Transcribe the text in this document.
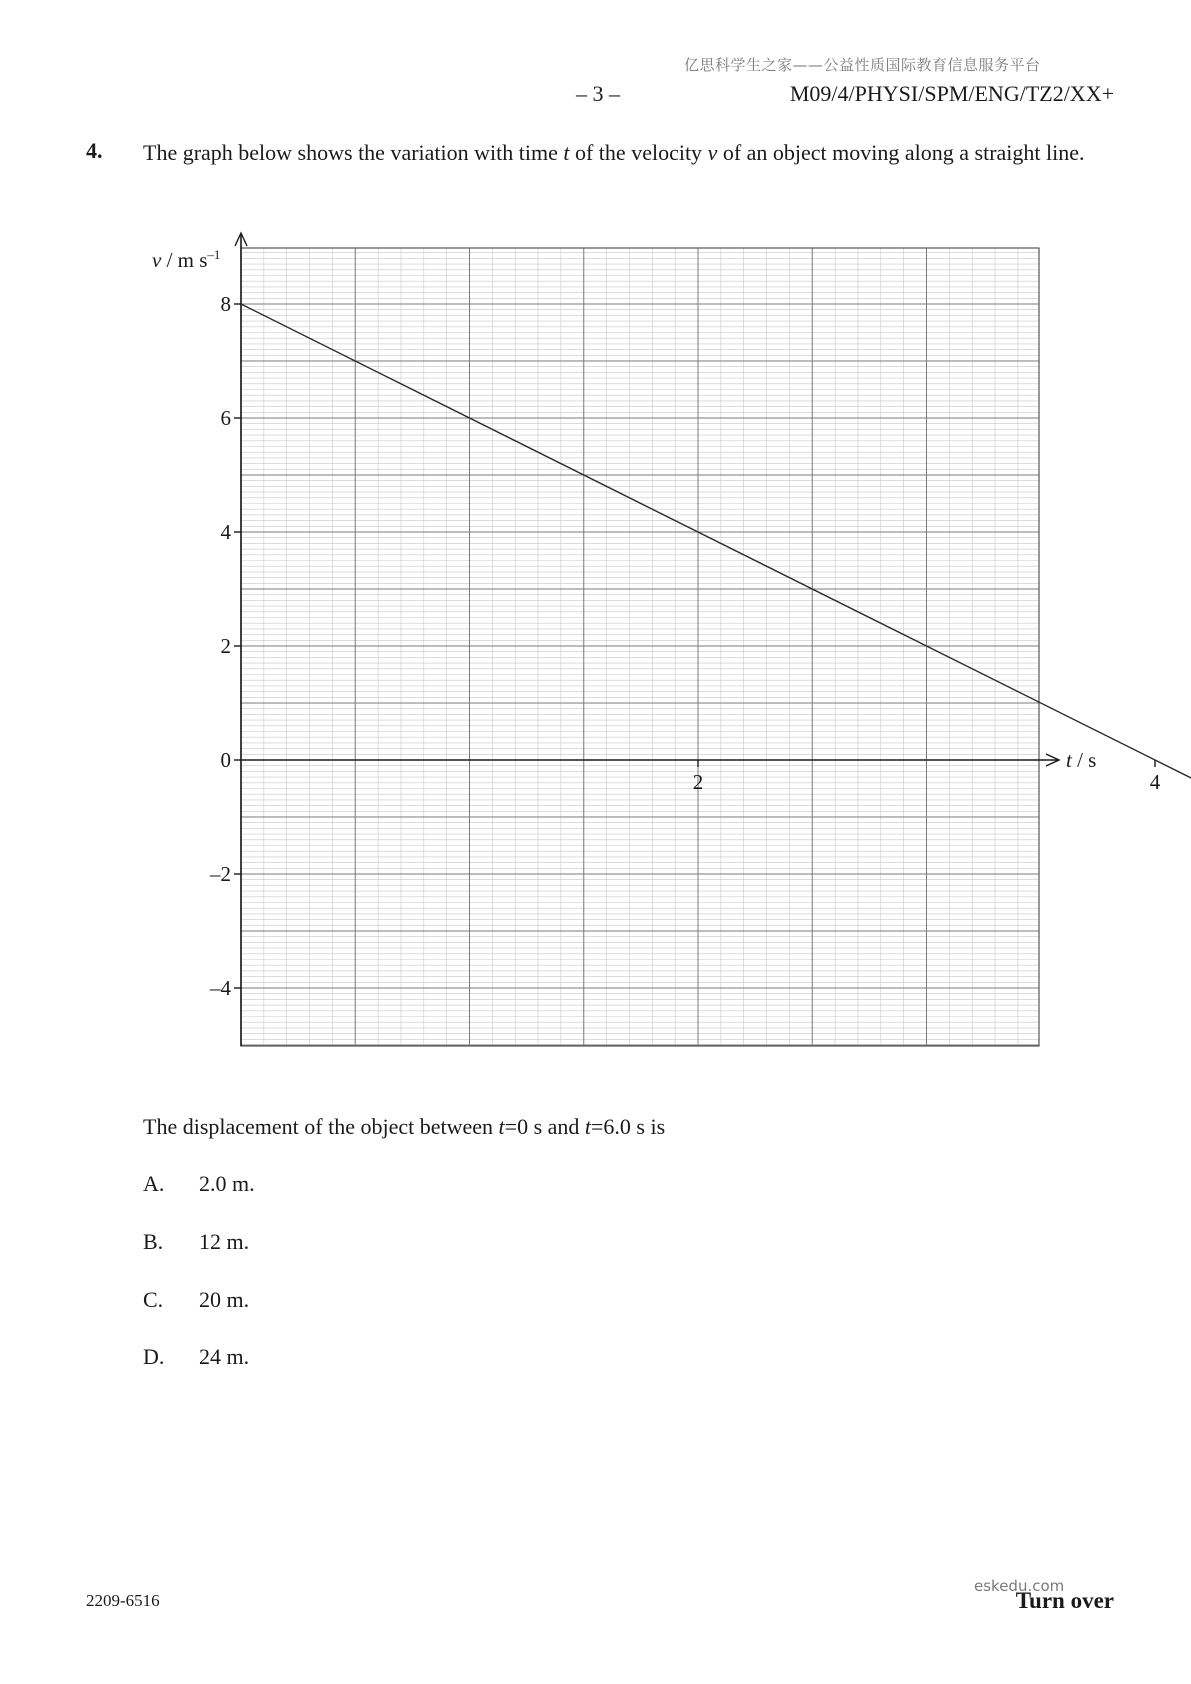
亿思科学生之家——公益性质国际教育信息服务平台
– 3 –	M09/4/PHYSI/SPM/ENG/TZ2/XX+
4. The graph below shows the variation with time t of the velocity v of an object moving along a straight line.
8
6
4
2
0
–2
–4
2	4
v / m $s^{-1}$
t / s
The displacement of the object between t=0 s and t=6.0 s is
A. 2.0 m.
B. 12 m.
C. 20 m.
D. 24 m.
2209-6516
eskedu.com
Turn over
